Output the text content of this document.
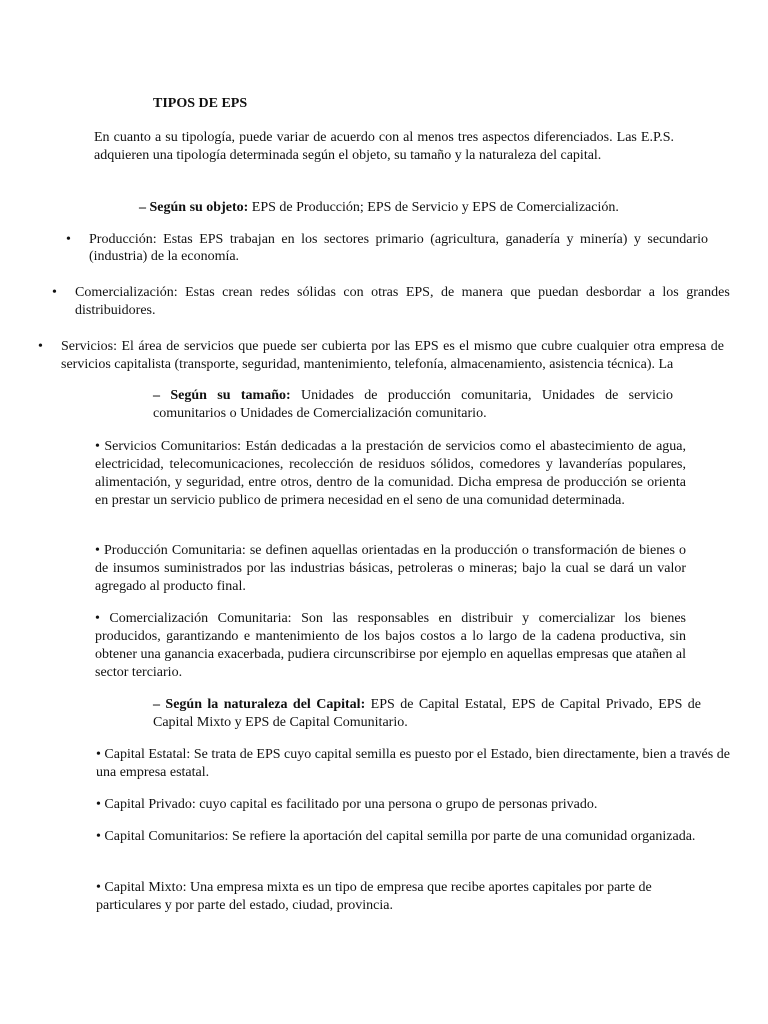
TIPOS DE EPS

En cuanto a su tipología, puede variar de acuerdo con al menos tres aspectos diferenciados. Las E.P.S. adquieren una tipología determinada según el objeto, su tamaño y la naturaleza del capital.

– Según su objeto: EPS de Producción; EPS de Servicio y EPS de Comercialización.

• Producción: Estas EPS trabajan en los sectores primario (agricultura, ganadería y minería) y secundario

(industria) de la economía.

• Comercialización: Estas crean redes sólidas con otras EPS, de manera que puedan desbordar a los grandes

distribuidores.

• Servicios: El área de servicios que puede ser cubierta por las EPS es el mismo que cubre cualquier otra empresa de

servicios capitalista (transporte, seguridad, mantenimiento, telefonía, almacenamiento, asistencia técnica). La

– Según su tamaño: Unidades de producción comunitaria, Unidades de servicio comunitarios o Unidades de Comercialización comunitario.

• Servicios Comunitarios: Están dedicadas a la prestación de servicios como el abastecimiento de agua, electricidad, telecomunicaciones, recolección de residuos sólidos, comedores y lavanderías populares, alimentación, y seguridad, entre otros, dentro de la comunidad. Dicha empresa de producción se orienta en prestar un servicio publico de primera necesidad en el seno de una comunidad determinada.

• Producción Comunitaria: se definen aquellas orientadas en la producción o transformación de bienes o de insumos suministrados por las industrias básicas, petroleras o mineras; bajo la cual se dará un valor agregado al producto final.

• Comercialización Comunitaria: Son las responsables en distribuir y comercializar los bienes producidos, garantizando e mantenimiento de los bajos costos a lo largo de la cadena productiva, sin obtener una ganancia exacerbada, pudiera circunscribirse por ejemplo en aquellas empresas que atañen al sector terciario.

– Según la naturaleza del Capital: EPS de Capital Estatal, EPS de Capital Privado, EPS de Capital Mixto y EPS de Capital Comunitario.

• Capital Estatal: Se trata de EPS cuyo capital semilla es puesto por el Estado, bien directamente, bien a través de una empresa estatal.

• Capital Privado: cuyo capital es facilitado por una persona o grupo de personas privado.

• Capital Comunitarios: Se refiere la aportación del capital semilla por parte de una comunidad organizada.

• Capital Mixto: Una empresa mixta es un tipo de empresa que recibe aportes capitales por parte de particulares y por parte del estado, ciudad, provincia.
